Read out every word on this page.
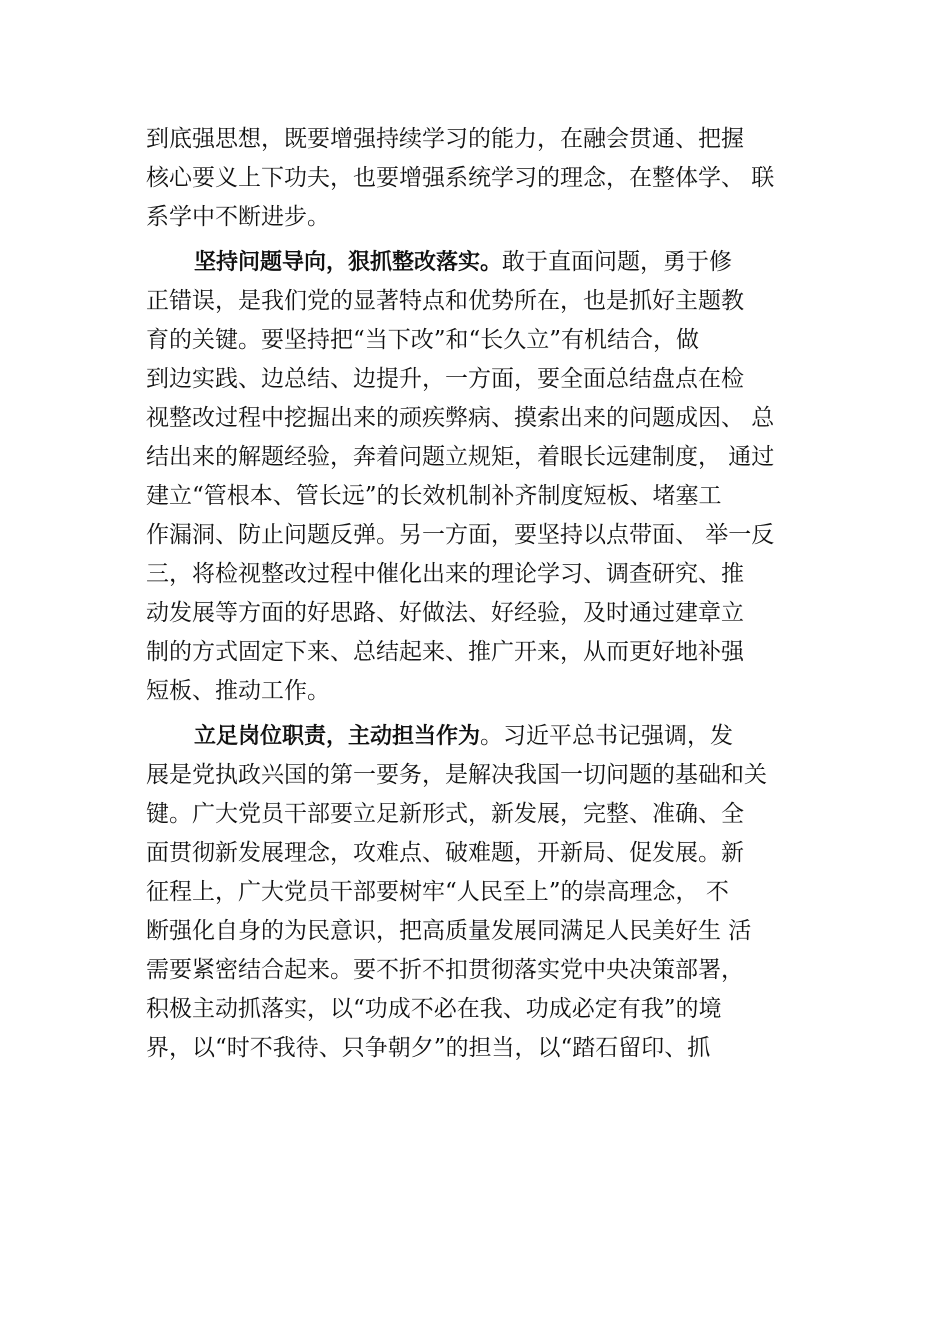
到底强思想，既要增强持续学习的能力，在融会贯通、把握
核心要义上下功夫，也要增强系统学习的理念，在整体学、 联
系学中不断进步。
坚持问题导向，狠抓整改落实。敢于直面问题，勇于修
正错误，是我们党的显著特点和优势所在，也是抓好主题教
育的关键。要坚持把“当下改”和“长久立”有机结合，做
到边实践、边总结、边提升，一方面，要全面总结盘点在检
视整改过程中挖掘出来的顽疾弊病、摸索出来的问题成因、 总
结出来的解题经验，奔着问题立规矩，着眼长远建制度， 通过
建立“管根本、管长远”的长效机制补齐制度短板、堵塞工
作漏洞、防止问题反弹。另一方面，要坚持以点带面、 举一反
三，将检视整改过程中催化出来的理论学习、调查研究、推
动发展等方面的好思路、好做法、好经验，及时通过建章立
制的方式固定下来、总结起来、推广开来，从而更好地补强
短板、推动工作。
立足岗位职责，主动担当作为。习近平总书记强调，发
展是党执政兴国的第一要务，是解决我国一切问题的基础和关
键。广大党员干部要立足新形式，新发展，完整、准确、全
面贯彻新发展理念，攻难点、破难题，开新局、促发展。新
征程上，广大党员干部要树牢“人民至上”的崇高理念， 不
断强化自身的为民意识，把高质量发展同满足人民美好生 活
需要紧密结合起来。要不折不扣贯彻落实党中央决策部署，
积极主动抓落实，以“功成不必在我、功成必定有我”的境
界，以“时不我待、只争朝夕”的担当，以“踏石留印、抓
